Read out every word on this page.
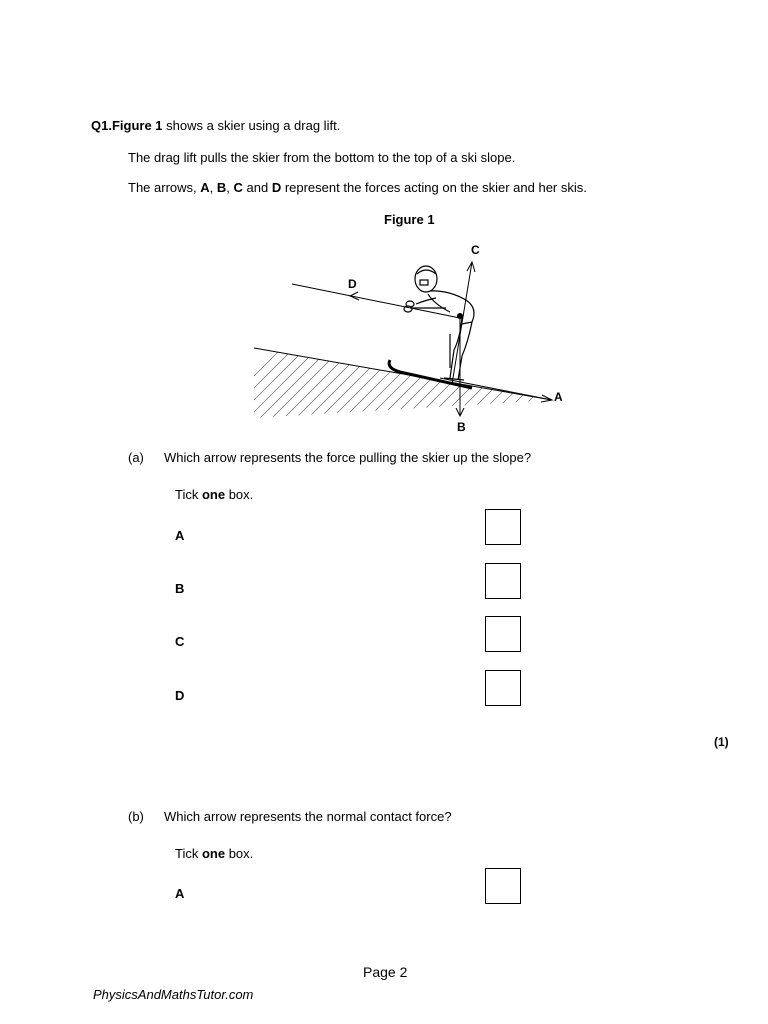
Q1.Figure 1 shows a skier using a drag lift.
The drag lift pulls the skier from the bottom to the top of a ski slope.
The arrows, A, B, C and D represent the forces acting on the skier and her skis.
Figure 1
C
D
A
B
(a) Which arrow represents the force pulling the skier up the slope?
Tick one box.
A
B
C
D
(1)
(b) Which arrow represents the normal contact force?
Tick one box.
A
Page 2
PhysicsAndMathsTutor.com
